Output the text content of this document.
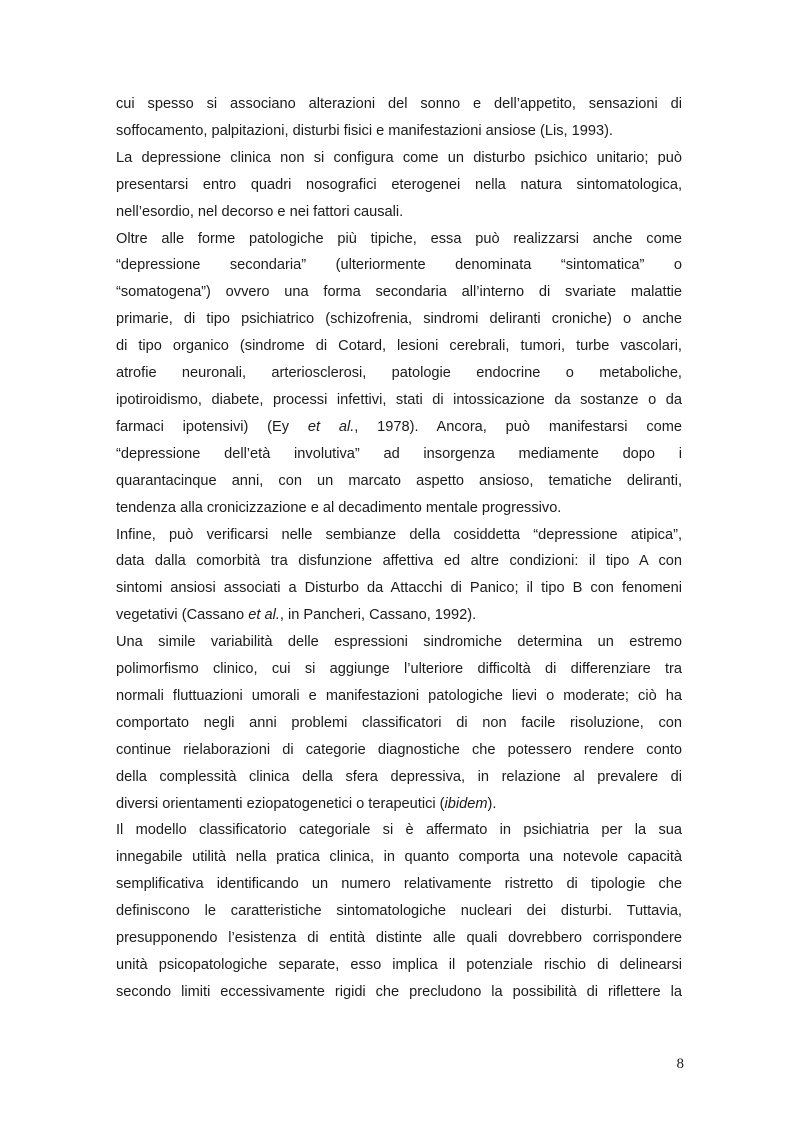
cui spesso si associano alterazioni del sonno e dell’appetito, sensazioni di
soffocamento, palpitazioni, disturbi fisici e manifestazioni ansiose (Lis, 1993).
La depressione clinica non si configura come un disturbo psichico unitario; può
presentarsi entro quadri nosografici eterogenei nella natura sintomatologica,
nell’esordio, nel decorso e nei fattori causali.
Oltre alle forme patologiche più tipiche, essa può realizzarsi anche come
“depressione secondaria” (ulteriormente denominata “sintomatica” o
“somatogena”) ovvero una forma secondaria all’interno di svariate malattie
primarie, di tipo psichiatrico (schizofrenia, sindromi deliranti croniche) o anche
di tipo organico (sindrome di Cotard, lesioni cerebrali, tumori, turbe vascolari,
atrofie neuronali, arteriosclerosi, patologie endocrine o metaboliche,
ipotiroidismo, diabete, processi infettivi, stati di intossicazione da sostanze o da
farmaci ipotensivi) (Ey et al., 1978). Ancora, può manifestarsi come
“depressione dell’età involutiva” ad insorgenza mediamente dopo i
quarantacinque anni, con un marcato aspetto ansioso, tematiche deliranti,
tendenza alla cronicizzazione e al decadimento mentale progressivo.
Infine, può verificarsi nelle sembianze della cosiddetta “depressione atipica”,
data dalla comorbità tra disfunzione affettiva ed altre condizioni: il tipo A con
sintomi ansiosi associati a Disturbo da Attacchi di Panico; il tipo B con fenomeni
vegetativi (Cassano et al., in Pancheri, Cassano, 1992).
Una simile variabilità delle espressioni sindromiche determina un estremo
polimorfismo clinico, cui si aggiunge l’ulteriore difficoltà di differenziare tra
normali fluttuazioni umorali e manifestazioni patologiche lievi o moderate; ciò ha
comportato negli anni problemi classificatori di non facile risoluzione, con
continue rielaborazioni di categorie diagnostiche che potessero rendere conto
della complessità clinica della sfera depressiva, in relazione al prevalere di
diversi orientamenti eziopatogenetici o terapeutici (ibidem).
Il modello classificatorio categoriale si è affermato in psichiatria per la sua
innegabile utilità nella pratica clinica, in quanto comporta una notevole capacità
semplificativa identificando un numero relativamente ristretto di tipologie che
definiscono le caratteristiche sintomatologiche nucleari dei disturbi. Tuttavia,
presupponendo l’esistenza di entità distinte alle quali dovrebbero corrispondere
unità psicopatologiche separate, esso implica il potenziale rischio di delinearsi
secondo limiti eccessivamente rigidi che precludono la possibilità di riflettere la
8
